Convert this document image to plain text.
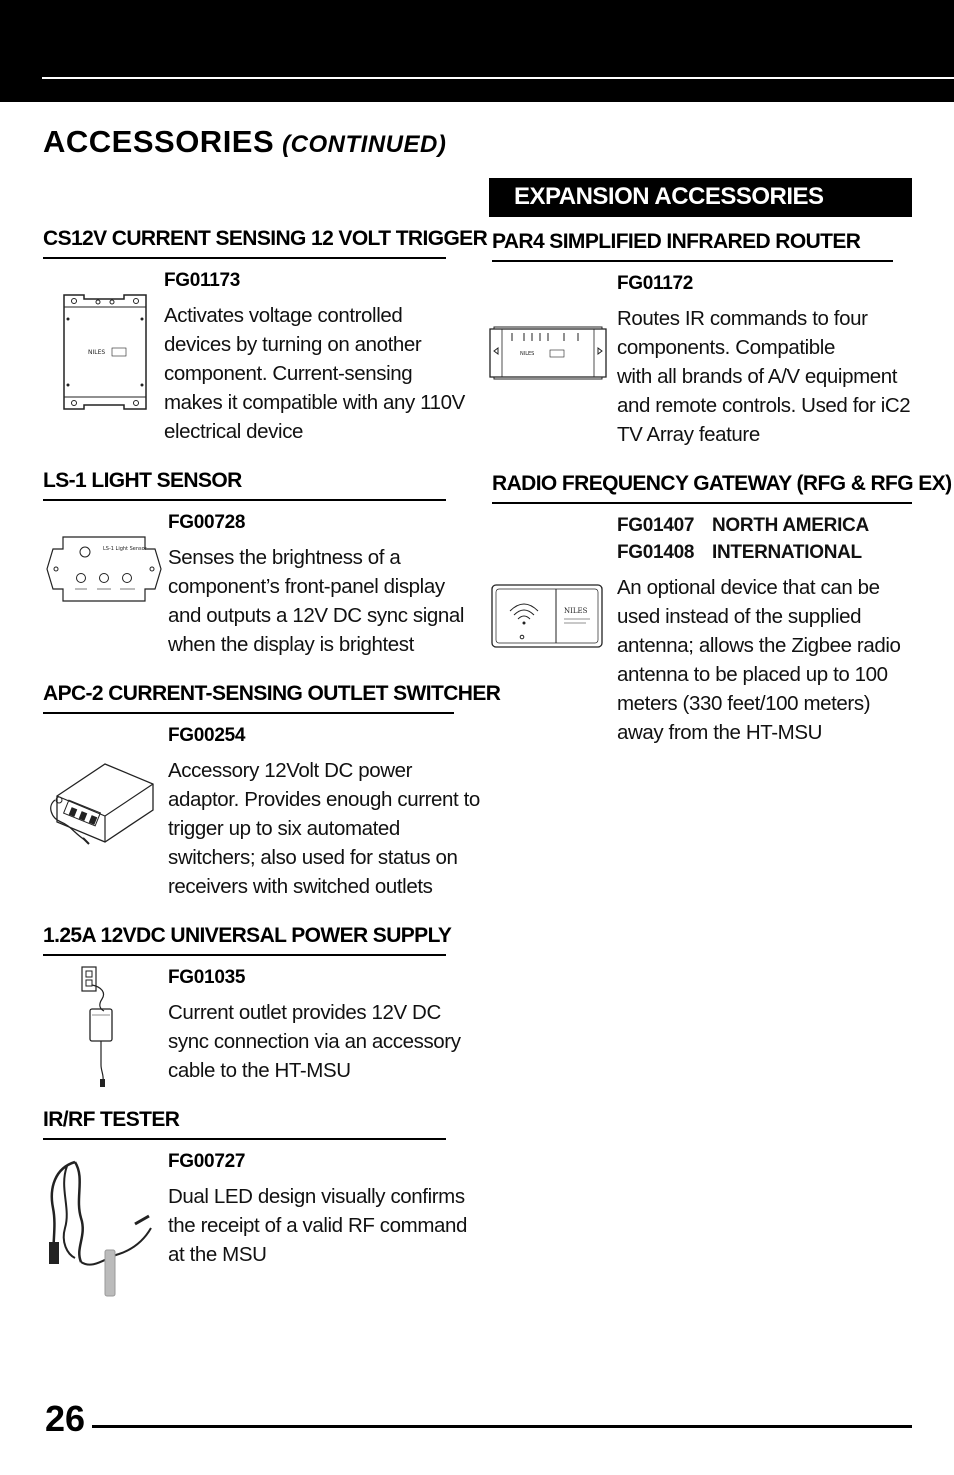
ACCESSORIES (CONTINUED)
CS12V CURRENT SENSING 12 VOLT TRIGGER
FG01173
NILES
Activates voltage controlled
devices by turning on another
component. Current-sensing
makes it compatible with any 110V
electrical device
LS-1 LIGHT SENSOR
FG00728
LS-1 Light Sensor Senses the brightness of a
component’s front-panel display
and outputs a 12V DC sync signal
when the display is brightest
APC-2 CURRENT-SENSING OUTLET SWITCHER
FG00254
Accessory 12Volt DC power
adaptor. Provides enough current to
trigger up to six automated
switchers; also used for status on
receivers with switched outlets
1.25A 12VDC UNIVERSAL POWER SUPPLY
FG01035
Current outlet provides 12V DC
sync connection via an accessory
cable to the HT-MSU
IR/RF TESTER
FG00727
Dual LED design visually confirms
the receipt of a valid RF command
at the MSU
EXPANSION ACCESSORIES
PAR4 SIMPLIFIED INFRARED ROUTER
FG01172
NILES
Routes IR commands to four
components. Compatible
with all brands of A/V equipment
and remote controls. Used for iC2
TV Array feature
RADIO FREQUENCY GATEWAY (RFG & RFG EX)
FG01407 NORTH AMERICA
FG01408 INTERNATIONAL
NILES
An optional device that can be
used instead of the supplied
antenna; allows the Zigbee radio
antenna to be placed up to 100
meters (330 feet/100 meters)
away from the HT-MSU
26
